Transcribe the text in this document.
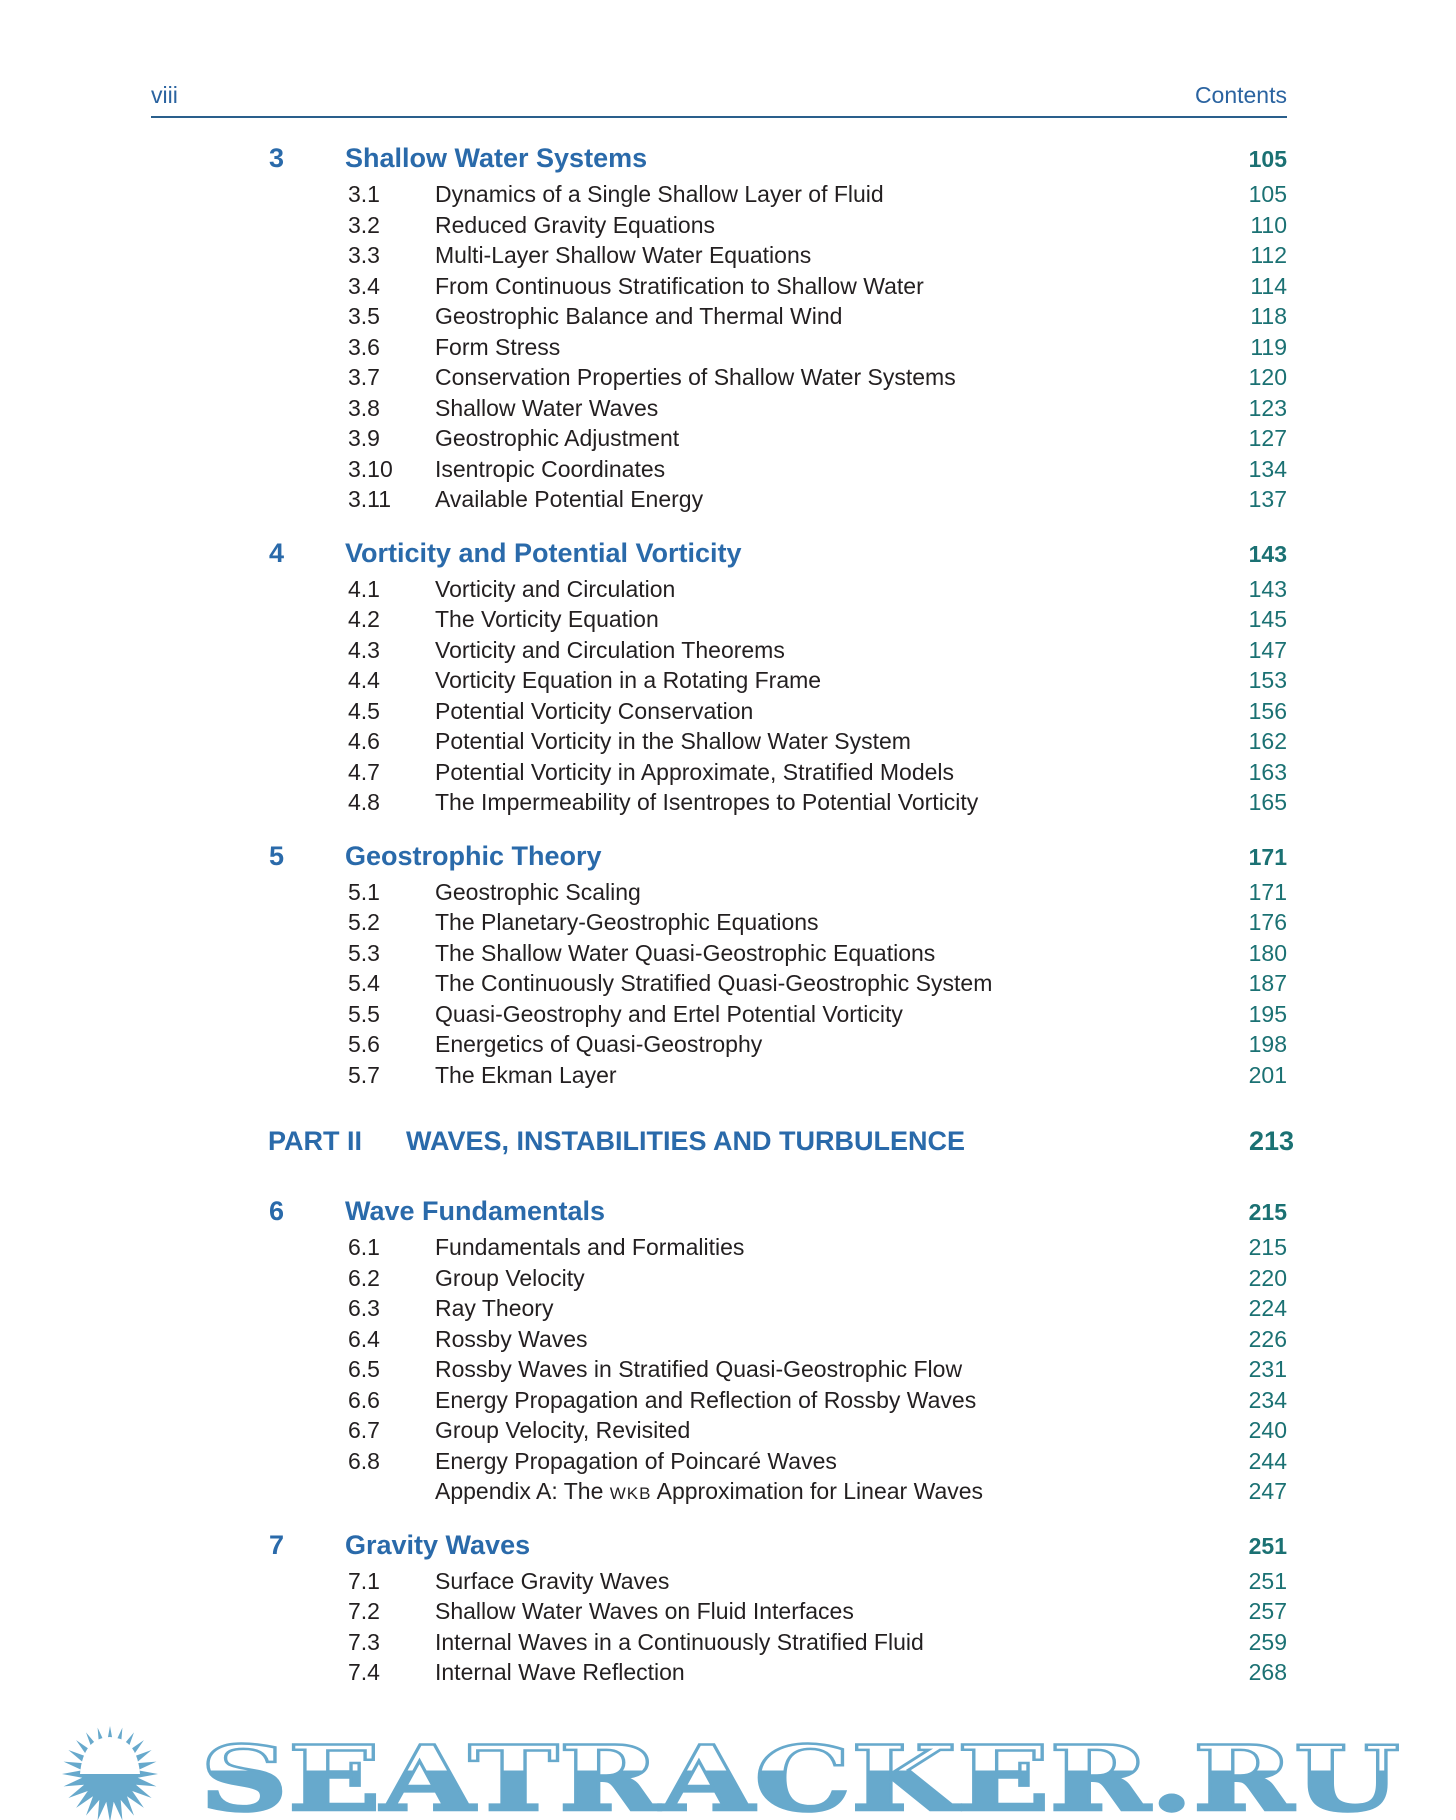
viii	Contents
3 Shallow Water Systems	105
3.1 Dynamics of a Single Shallow Layer of Fluid	105
3.2 Reduced Gravity Equations	110
3.3 Multi-Layer Shallow Water Equations	112
3.4 From Continuous Stratification to Shallow Water	114
3.5 Geostrophic Balance and Thermal Wind	118
3.6 Form Stress	119
3.7 Conservation Properties of Shallow Water Systems	120
3.8 Shallow Water Waves	123
3.9 Geostrophic Adjustment	127
3.10 Isentropic Coordinates	134
3.11 Available Potential Energy	137
4 Vorticity and Potential Vorticity	143
4.1 Vorticity and Circulation	143
4.2 The Vorticity Equation	145
4.3 Vorticity and Circulation Theorems	147
4.4 Vorticity Equation in a Rotating Frame	153
4.5 Potential Vorticity Conservation	156
4.6 Potential Vorticity in the Shallow Water System	162
4.7 Potential Vorticity in Approximate, Stratified Models	163
4.8 The Impermeability of Isentropes to Potential Vorticity	165
5 Geostrophic Theory	171
5.1 Geostrophic Scaling	171
5.2 The Planetary-Geostrophic Equations	176
5.3 The Shallow Water Quasi-Geostrophic Equations	180
5.4 The Continuously Stratified Quasi-Geostrophic System	187
5.5 Quasi-Geostrophy and Ertel Potential Vorticity	195
5.6 Energetics of Quasi-Geostrophy	198
5.7 The Ekman Layer	201
PART II WAVES, INSTABILITIES AND TURBULENCE	213
6 Wave Fundamentals	215
6.1 Fundamentals and Formalities	215
6.2 Group Velocity	220
6.3 Ray Theory	224
6.4 Rossby Waves	226
6.5 Rossby Waves in Stratified Quasi-Geostrophic Flow	231
6.6 Energy Propagation and Reflection of Rossby Waves	234
6.7 Group Velocity, Revisited	240
6.8 Energy Propagation of Poincaré Waves	244
Appendix A: The WKB Approximation for Linear Waves	247
7 Gravity Waves	251
7.1 Surface Gravity Waves	251
7.2 Shallow Water Waves on Fluid Interfaces	257
7.3 Internal Waves in a Continuously Stratified Fluid	259
7.4 Internal Wave Reflection	268
SEATRACKER.RU
